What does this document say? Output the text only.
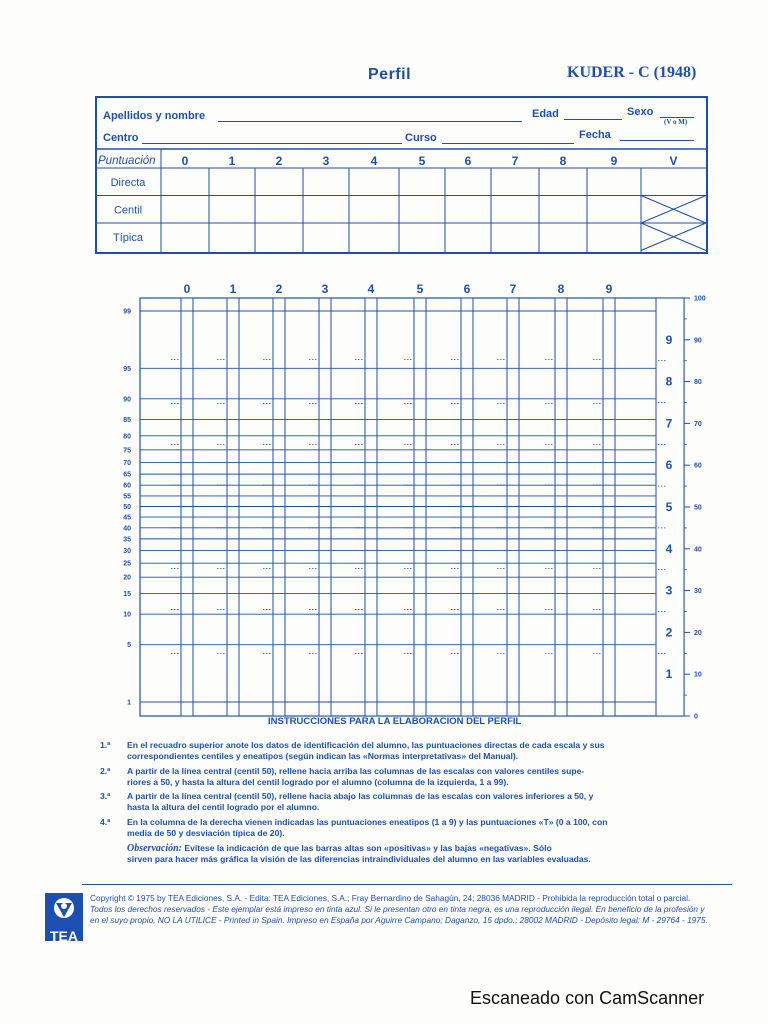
Perfil	KUDER - C (1948)
Apellidos y nombre	Edad	Sexo
(V o M)
Centro	Curso	Fecha
Puntuación 0	1	2	3	4	5	6	7	8	9	V
Directa
Centil
Típica
0	1	2	3	4	5	6	7	8	9
99
95
90
85
80
75
70
65
60
55
50
45
40
35
30
25
20
15
10
5
1
9
8
7
6
5
4
3
2
1
100
90
80
70
60
50
40
30
20
10
0
INSTRUCCIONES PARA LA ELABORACION DEL PERFIL
1.ª En el recuadro superior anote los datos de identificación del alumno, las puntuaciones directas de cada escala y sus
correspondientes centiles y eneatipos (según indican las «Normas interpretativas» del Manual).
2.ª A partir de la línea central (centil 50), rellene hacia arriba las columnas de las escalas con valores centiles supe-
riores a 50, y hasta la altura del centil logrado por el alumno (columna de la izquierda, 1 a 99).
3.ª A partir de la línea central (centil 50), rellene hacia abajo las columnas de las escalas con valores inferiores a 50, y
hasta la altura del centil logrado por el alumno.
4.ª En la columna de la derecha vienen indicadas las puntuaciones eneatipos (1 a 9) y las puntuaciones «T» (0 a 100, con
media de 50 y desviación típica de 20).
Observación: Evítese la indicación de que las barras altas son «positivas» y las bajas «negativas». Sólo
sirven para hacer más gráfica la visión de las diferencias intraindividuales del alumno en las variables evaluadas.
TEA
Copyright © 1975 by TEA Ediciones, S.A. - Edita: TEA Ediciones, S.A.; Fray Bernardino de Sahagún, 24; 28036 MADRID - Prohibida la reproducción total o parcial.
Todos los derechos reservados - Este ejemplar está impreso en tinta azul. Si le presentan otro en tinta negra, es una reproducción ilegal. En beneficio de la profesión y
en el suyo propio, NO LA UTILICE - Printed in Spain. Impreso en España por Aguirre Campano; Daganzo, 15 dpdo.; 28002 MADRID - Depósito legal: M - 29764 - 1975.
Escaneado con CamScanner
